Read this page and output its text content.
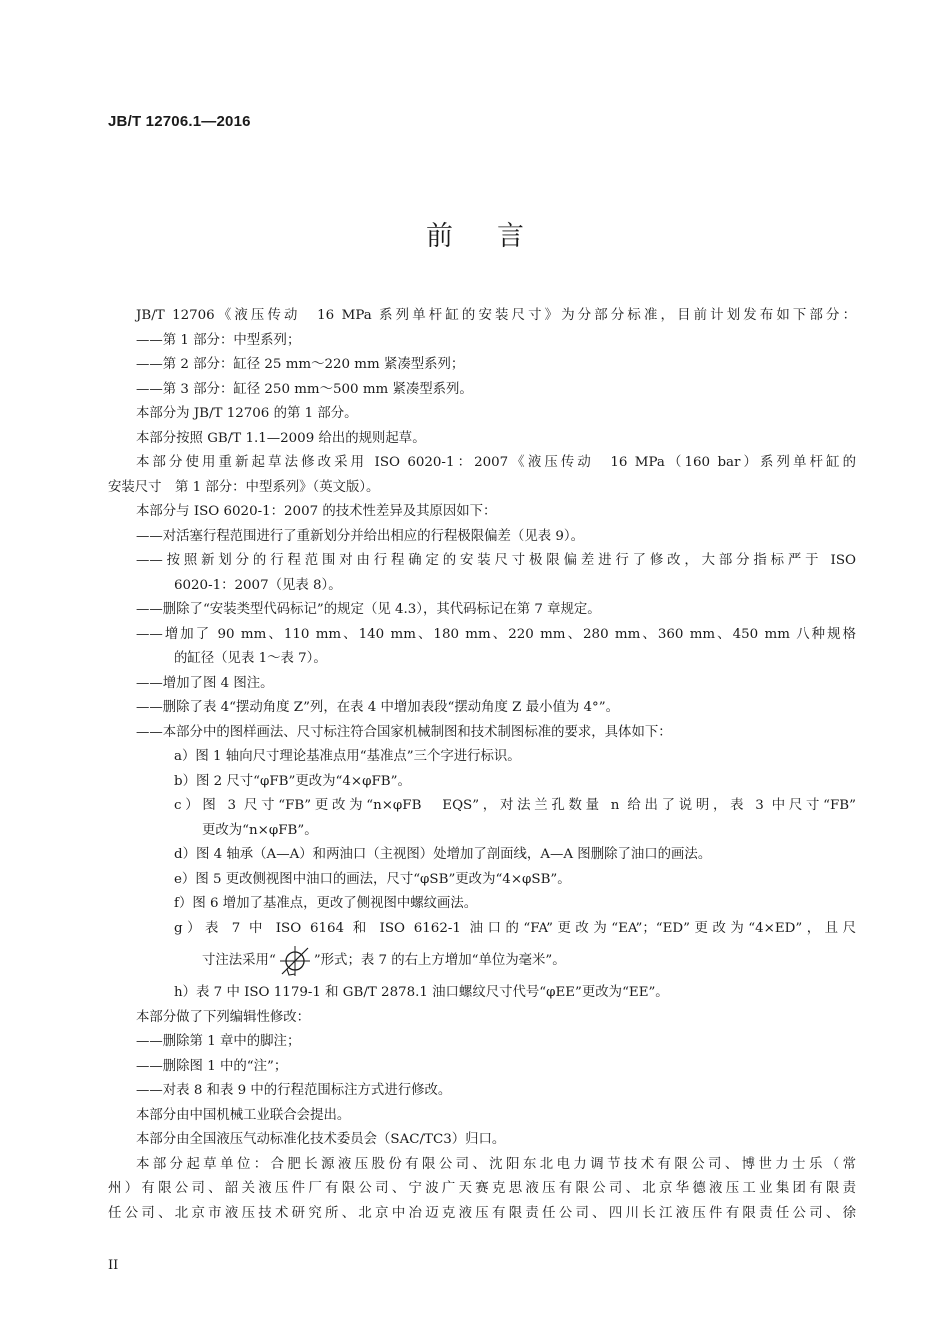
JB/T 12706.1—2016
前言
JB/T 12706《液压传动　16 MPa 系列单杆缸的安装尺寸》为分部分标准，目前计划发布如下部分：
——第 1 部分：中型系列；
——第 2 部分：缸径 25 mm～220 mm 紧凑型系列；
——第 3 部分：缸径 250 mm～500 mm 紧凑型系列。
本部分为 JB/T 12706 的第 1 部分。
本部分按照 GB/T 1.1—2009 给出的规则起草。
本部分使用重新起草法修改采用 ISO 6020-1：2007《液压传动　16 MPa（160 bar）系列单杆缸的
安装尺寸　第 1 部分：中型系列》（英文版）。
本部分与 ISO 6020-1：2007 的技术性差异及其原因如下：
——对活塞行程范围进行了重新划分并给出相应的行程极限偏差（见表 9）。
——按照新划分的行程范围对由行程确定的安装尺寸极限偏差进行了修改，大部分指标严于 ISO
6020-1：2007（见表 8）。
——删除了“安装类型代码标记”的规定（见 4.3），其代码标记在第 7 章规定。
——增加了 90 mm、110 mm、140 mm、180 mm、220 mm、280 mm、360 mm、450 mm 八种规格
的缸径（见表 1～表 7）。
——增加了图 4 图注。
——删除了表 4“摆动角度 Z”列，在表 4 中增加表段“摆动角度 Z 最小值为 4°”。
——本部分中的图样画法、尺寸标注符合国家机械制图和技术制图标准的要求，具体如下：
a）图 1 轴向尺寸理论基准点用“基准点”三个字进行标识。
b）图 2 尺寸“φFB”更改为“4×φFB”。
c）图 3 尺寸“FB”更改为“n×φFB　EQS”，对法兰孔数量 n 给出了说明，表 3 中尺寸“FB”
更改为“n×φFB”。
d）图 4 轴承（A—A）和两油口（主视图）处增加了剖面线，A—A 图删除了油口的画法。
e）图 5 更改侧视图中油口的画法，尺寸“φSB”更改为“4×φSB”。
f）图 6 增加了基准点，更改了侧视图中螺纹画法。
g）表 7 中 ISO 6164 和 ISO 6162-1 油口的“FA”更改为“EA”；“ED”更改为“4×ED”，且尺
寸注法采用“	”形式；表 7 的右上方增加“单位为毫米”。
h）表 7 中 ISO 1179-1 和 GB/T 2878.1 油口螺纹尺寸代号“φEE”更改为“EE”。
本部分做了下列编辑性修改：
——删除第 1 章中的脚注；
——删除图 1 中的“注”；
——对表 8 和表 9 中的行程范围标注方式进行修改。
本部分由中国机械工业联合会提出。
本部分由全国液压气动标准化技术委员会（SAC/TC3）归口。
本部分起草单位：合肥长源液压股份有限公司、沈阳东北电力调节技术有限公司、博世力士乐（常
州）有限公司、韶关液压件厂有限公司、宁波广天赛克思液压有限公司、北京华德液压工业集团有限责
任公司、北京市液压技术研究所、北京中冶迈克液压有限责任公司、四川长江液压件有限责任公司、徐
II
